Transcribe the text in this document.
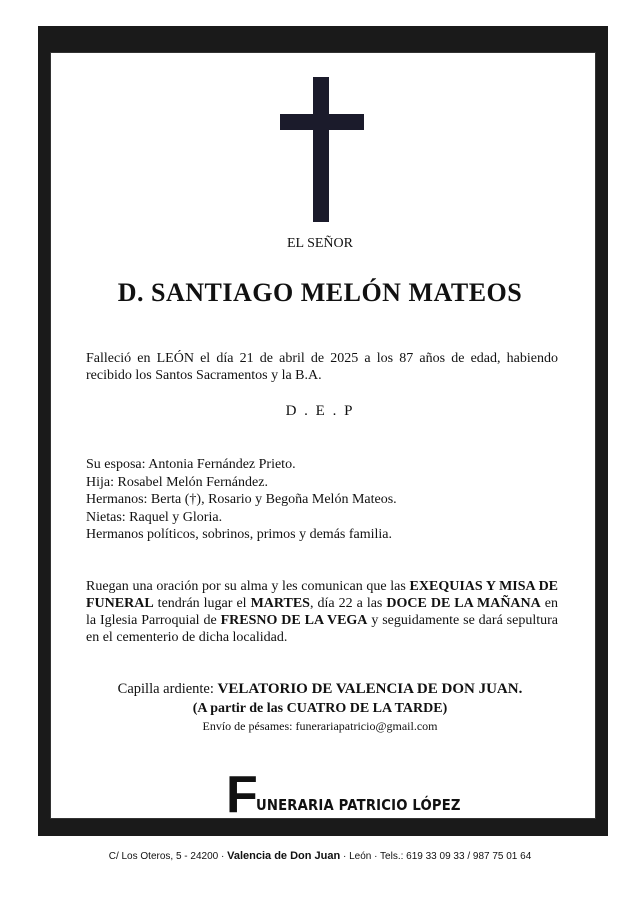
EL SEÑOR
D. SANTIAGO MELÓN MATEOS
Falleció en LEÓN el día 21 de abril de 2025 a los 87 años de edad, habiendo recibido los Santos Sacramentos y la B.A.
D . E . P
Su esposa: Antonia Fernández Prieto.
Hija: Rosabel Melón Fernández.
Hermanos: Berta (†), Rosario y Begoña Melón Mateos.
Nietas: Raquel y Gloria.
Hermanos políticos, sobrinos, primos y demás familia.
Ruegan una oración por su alma y les comunican que las EXEQUIAS Y MISA DE FUNERAL tendrán lugar el MARTES, día 22 a las DOCE DE LA MAÑANA en la Iglesia Parroquial de FRESNO DE LA VEGA y seguidamente se dará sepultura en el cementerio de dicha localidad.
Capilla ardiente: VELATORIO DE VALENCIA DE DON JUAN.
(A partir de las CUATRO DE LA TARDE)
Envío de pésames: funerariapatricio@gmail.com
F
UNERARIA PATRICIO LÓPEZ
C/ Los Oteros, 5 - 24200 · Valencia de Don Juan · León · Tels.: 619 33 09 33 / 987 75 01 64
